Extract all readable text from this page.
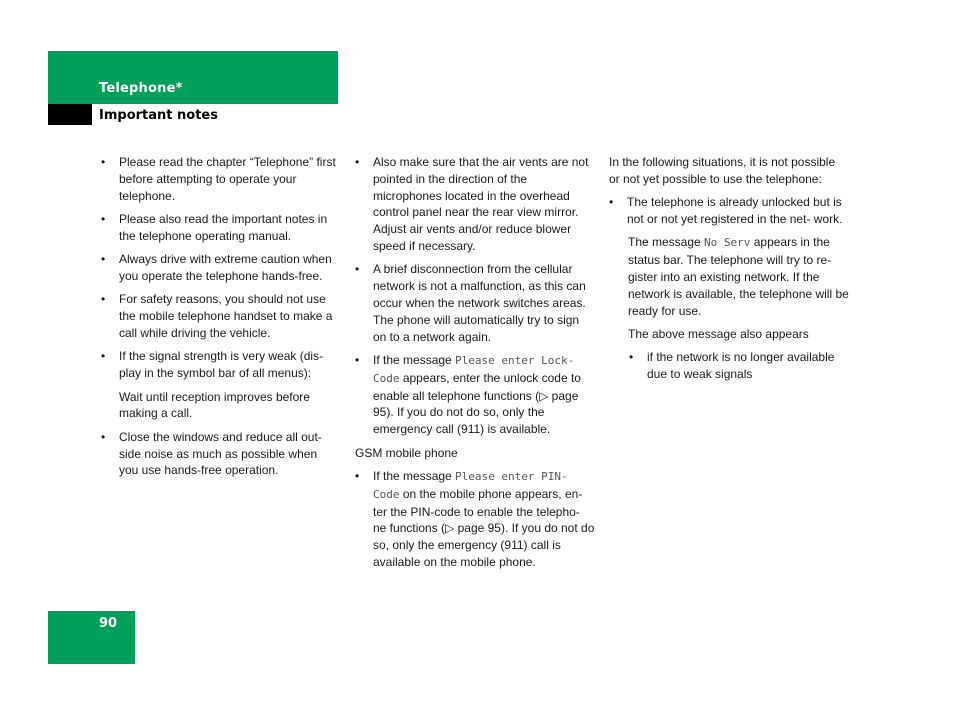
Telephone*
Important notes
• Please read the chapter “Telephone” first before attempting to operate your telephone.
• Please also read the important notes in the telephone operating manual.
• Always drive with extreme caution when you operate the telephone hands-free.
• For safety reasons, you should not use the mobile telephone handset to make a call while driving the vehicle.
• If the signal strength is very weak (dis- play in the symbol bar of all menus):
Wait until reception improves before making a call.
• Close the windows and reduce all out- side noise as much as possible when you use hands-free operation.
• Also make sure that the air vents are not pointed in the direction of the microphones located in the overhead control panel near the rear view mirror. Adjust air vents and/or reduce blower speed if necessary.
• A brief disconnection from the cellular network is not a malfunction, as this can occur when the network switches areas. The phone will automatically try to sign on to a network again.
• If the message Please enter Lock- Code appears, enter the unlock code to enable all telephone functions (▷ page 95). If you do not do so, only the emergency call (911) is available.

GSM mobile phone

• If the message Please enter PIN- Code on the mobile phone appears, en- ter the PIN-code to enable the telepho- ne functions (▷ page 95). If you do not do so, only the emergency (911) call is available on the mobile phone.

In the following situations, it is not possible or not yet possible to use the telephone:

• The telephone is already unlocked but is not or not yet registered in the net- work.

The message No Serv appears in the status bar. The telephone will try to re- gister into an existing network. If the network is available, the telephone will be ready for use.

The above message also appears

• if the network is no longer available due to weak signals
90
